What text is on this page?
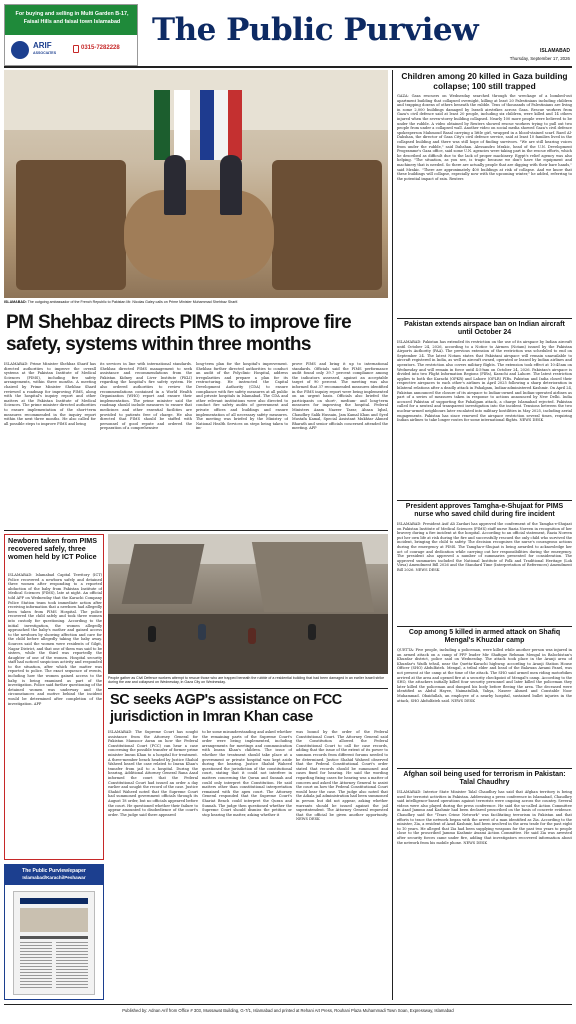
For buying and selling in Multi Garden B-17,
Faisal Hills and faisal town Islamabad
ARIF
ASSOCIATES
0315-7282228 The Public Purview
ISLAMABAD
Thursday, September 17, 2026
ISLAMABAD: The outgoing ambassador of the French Republic to Pakistan Mr. Nicolas Galey calls on Prime Minister Muhammad Shehbaz Sharif.
PM Shehbaz directs PIMS to improve fire
safety, systems within three months
ISLAMABAD: Prime Minister Shehbaz Sharif has directed authorities to improve the overall systems at the Pakistan Institute of Medical Sciences (PIMS), including fire safety arrangements, within three months. A meeting chaired by Prime Minister Shehbaz Sharif reviewed a roadmap for improving PIMS, along with the hospital's inquiry report and other matters at the Pakistan Institute of Medical Sciences. The prime minister directed authorities to ensure implementation of the short-term measures recommended in the inquiry report within the next three months. He also called for all possible steps to improve PIMS and bring
its services in line with international standards. Shehbaz directed PIMS management to seek assistance and recommendations from the Pakistan Kidney and Liver Institute (PKLI) regarding the hospital's fire safety system. He also ordered authorities to review the recommendations contained in a World Health Organization (WHO) report and ensure their implementation. The prime minister said the roadmap should include measures to ensure that medicines and other essential facilities are provided to patients free of charge. He also directed that PIMS should be staffed with personnel of good repute and ordered the preparation of a comprehensive
long-term plan for the hospital's improvement. Shehbaz further directed authorities to conduct an audit of the Polyclinic Hospital, address irregularities and prepare a plan for its restructuring. He instructed the Capital Development Authority (CDA) to ensure compliance with fire safety measures at all public and private hospitals in Islamabad. The CDA and other relevant institutions were also directed to conduct fire safety audits of government and private offices and buildings and ensure implementation of all necessary safety measures. The meeting was briefed by the Ministry of National Health Services on steps being taken to im-
prove PIMS and bring it up to international standards. Officials said the PIMS performance audit found only 39.7 percent compliance among the indicators assessed, against an acceptable target of 90 percent. The meeting was also informed that 37 recommended measures identified in the PIMS inquiry report were being implemented on an urgent basis. Officials also briefed the participants on short-, medium- and long-term measures for improving the hospital. Federal Ministers Azam Nazeer Tarar, Ahsan Iqbal, Chaudhry Salik Hussain, Jam Kamal Khan and Syed Mustafa Kamal, Special Assistant Mukhtar Ahmed Bharath and senior officials concerned attended the meeting. APP
Newborn taken from PIMS recovered safely, three women held by ICT Police
ISLAMABAD: Islamabad Capital Territory (ICT) Police recovered a newborn safely and detained three women after responding to a reported abduction of the baby from Pakistan Institute of Medical Sciences (PIMS), late at night. An official told APP on Wednesday that the Karachi Company Police Station team took immediate action after receiving information that a newborn had allegedly been taken from PIMS Hospital. The police recovered the child safely and took three women into custody for questioning. According to the initial investigation, the women allegedly approached the baby's mother and gained access to the newborn by showing affection and care for the child before allegedly taking the baby away. Sources said the women were residents of Gilgit, Nagar District, and that one of them was said to be sisters, while the third was reportedly the daughter of one of the women. Hospital security staff had noticed suspicious activity and responded to the situation, after which the matter was reported to police. The exact sequence of events, including how the women gained access to the baby, is being examined as part of the investigation. Police said further questioning of the detained women was underway and the circumstances and motive behind the incident would be determined after completion of the investigation. APP
People gather as Civil Defence workers attempt to rescue those who are trapped beneath the rubble of a residential building that had been damaged in an earlier Israeli strike during the war and collapsed on Wednesday, in Gaza City on Wednesday.
SC seeks AGP's assistance on FCC
jurisdiction in Imran Khan case
ISLAMABAD: The Supreme Court has sought assistance from the Attorney General for Pakistan Mansoor Awan on how the Federal Constitutional Court (FCC) can hear a case concerning the possible transfer of former prime minister Imran Khan to a hospital for treatment. A three-member bench headed by Justice Shahid Waheed heard the case related to Imran Khan's transfer from jail to a hospital. During the hearing, Additional Attorney General Rana Asad informed the court that the Federal Constitutional Court had issued an order a day earlier and sought the record of the case. Justice Shahid Waheed noted that the Supreme Court had summoned government officials through its August 18 order, but no officials appeared before the court. He questioned whether their failure to appear amounted to disobedience of the court's order. The judge said there appeared
to be some misunderstanding and asked whether the remaining parts of the Supreme Court's order were being implemented, including arrangements for meetings and communication with Imran Khan's children. The issue of whether the treatment should take place at a government or private hospital was kept aside during the hearing. Justice Shahid Waheed questioned the jurisdiction of the constitutional court, stating that it could not interfere in matters concerning the Quran and Sunnah and could only interpret the Constitution. He said matters other than constitutional interpretation remained with the apex court. The Attorney General responded that the Supreme Court's Shariat Bench could interpret the Quran and Sunnah. The judge then questioned whether the Supreme Court should dismiss the petition or stop hearing the matter, asking whether it
was bound by the order of the Federal Constitutional Court. The Attorney General said the Constitution allowed the Federal Constitutional Court to call for case records, adding that the issue of the extent of its power to summon records from different forums needed to be determined. Justice Shahid Waheed observed that the Federal Constitutional Court's order stated that records should be summoned and cases fixed for hearing. He said the wording regarding fixing cases for hearing was a matter of concern and asked the Attorney General to assist the court on how the Federal Constitutional Court would hear the case. The judge also noted that the Adiala jail administration had been summoned in person but did not appear, asking whether warrants should be issued against the jail superintendent. The Attorney General requested that the official be given another opportunity. NEWS DESK
The Public Purview/epaper
Islamabad/Karachi/Peshawar
Children among 20 killed in Gaza building collapse; 100 still trapped
GAZA: Gaza rescuers on Wednesday searched through the wreckage of a bombed-out apartment building that collapsed overnight, killing at least 20 Palestinians including children and trapping dozens of others beneath the rubble. Tens of thousands of Palestinians are living in some 2,000 buildings damaged by Israeli airstrikes across Gaza. Rescue workers from Gaza's civil defence said at least 20 people, including six children, were killed and 14 others injured when the seven-storey building collapsed. Nearly 100 more people were believed to be under the rubble. A video obtained by Reuters showed rescue workers trying to pull out two people from under a collapsed wall. Another video on social media showed Gaza's civil defence spokesperson Mahmoud Basal carrying a little girl, wrapped in a blood-stained scarf. Raed Al-Dahshan, the director of Gaza City's civil defence service, said at least 10 families lived in the collapsed building and there was still hope of finding survivors. "We are still hearing voices from under the rubble," said Dahshan. Alessandro Mrakic, head of the U.N. Development Programme's Gaza office, said some U.N. agencies were taking part in the rescue efforts, which he described as difficult due to the lack of proper machinery. Egypt's relief agency was also helping. "The situation, as you see, is tragic because we don't have the equipment and machinery that is needed. So there are actually people that are digging with their bare hands," said Mrakic. "There are approximately 400 buildings at risk of collapse. And we know that these buildings will collapse, especially now with the upcoming winter," he added, referring to the potential impact of rain. Reuters
Pakistan extends airspace ban on Indian aircraft until October 24
ISLAMABAD: Pakistan has extended its restriction on the use of its airspace by Indian aircraft until October 24, 2026, according to a Notice to Airmen (Notam) issued by the Pakistan Airports Authority (PAA). The previous extension of the restriction was scheduled to end on September 24. The latest Notam states that Pakistani airspace will remain unavailable to aircraft registered in India, as well as aircraft owned, operated or leased by Indian airlines and operators. The restriction also covers military flights. The extension took effect at 10:45am on Wednesday and will remain in force until 4:59am on October 24, 2026. Pakistan's airspace is divided into two Flight Information Regions (FIRs), Karachi and Lahore. The latest restriction applies to both the Karachi (OPKR) and Lahore (OPLR) FIRs. Pakistan and India closed their respective airspaces to each other's airlines in April 2025 following a sharp deterioration in bilateral relations after a deadly attack in Pahalgam, Indian-administered Kashmir. On April 24, Pakistan announced the closure of its airspace to Indian-owned and Indian-operated airlines as part of a series of measures taken in response to actions announced by New Delhi. India accused Pakistan of supporting the Pahalgam attack, a charge Islamabad rejected. Pakistan called for a neutral and transparent investigation into the incident. Tensions between the two nuclear-armed neighbours later escalated into military hostilities in May 2025, including aerial engagements. Pakistan has since renewed the airspace restriction several times, requiring Indian airlines to take longer routes for some international flights. NEWS DESK
President approves Tamgha-e-Shujaat for PIMS nurse who saved child during fire incident
ISLAMABAD: President Asif Ali Zardari has approved the conferment of the Tamgha-e-Shujaat on Pakistan Institute of Medical Sciences (PIMS) staff nurse Razia Noreen in recognition of her bravery during a fire incident at the hospital. According to an official statement, Razia Noreen put her own life at risk during the fire and successfully rescued the only child who survived the incident, bringing the child to safety. The decision recognises the nurse's courageous actions during the emergency at PIMS. The Tamgha-e-Shujaat is being awarded to acknowledge her act of courage and dedication while carrying out her responsibilities during the emergency. The president also approved a number of summaries presented for consideration. The approved summaries included the National Institute of Folk and Traditional Heritage (Lok Virsa) Amendment Bill 2026 and the Standard Time (Interpretation of References) Amendment Bill 2026. NEWS DESK
Cop among 5 killed in armed attack on Shafiq Mengal's Khuzdar camp
QUETTA: Five people, including a policeman, were killed while another person was injured in an armed attack on a camp of PPP leader Mir Shafique Rehman Mengal in Balochistan's Khuzdar district, police said on Wednesday. The attack took place in the Aranji area of Khuzdar's Wadh tehsil, near the Quetta-Karachi highway, according to Aranji Station House Officer (SHO) Abdulfateh. Mengal, a tribal elder and head of the Balawan Awami Panel, was not present at the camp at the time of the attack. The SHO said armed men riding motorbikes arrived at the area and opened fire at a security checkpoint of Mengal's camp. According to the SHO, the attackers initially killed four security personnel and later killed the policeman they later killed the policeman and dumped his body before fleeing the area. The deceased were identified as Abdul Hayee, Naimatullah, Yahya, Naseer Ahmed and Constable Noor Muhammad. Obaidullah, an employee of a nearby hospital, sustained bullet injuries in the attack, SHO Abdulfateh said. NEWS DESK
Afghan soil being used for terrorism in Pakistan: Talal Chaudhry
ISLAMABAD: Interior State Minister Talal Chaudhry has said that Afghan territory is being used for terrorist activities in Pakistan. Addressing a press conference in Islamabad, Chaudhry said intelligence-based operations against terrorists were ongoing across the country. Several videos were also played during the press conference. He said the so-called Action Committee in Azad Jammu and Kashmir had been declared proscribed on the basis of concrete evidence. Chaudhry said the "Tears Crime Network" was facilitating terrorism in Pakistan and that efforts to trace the network began with the arrest of a man identified as Zia. According to the minister, Zia, a resident of Azad Kashmir, had been involved in the area trade for the past eight to 10 years. He alleged that Zia had been supplying weapons for the past two years to people close to the proscribed Jammu Kashmir Awami Action Committee. He said Zia was arrested after security forces came under fire, adding that investigators recovered information about the network from his mobile phone. NEWS DESK
Published by: Adnan Arif from Office # 303, Mussawat Building, G-7/1, Islamabad and printed at Rehani Art Press, Rouhani Plaza Muhammadi Town Soan, Expressway, Islamabad
